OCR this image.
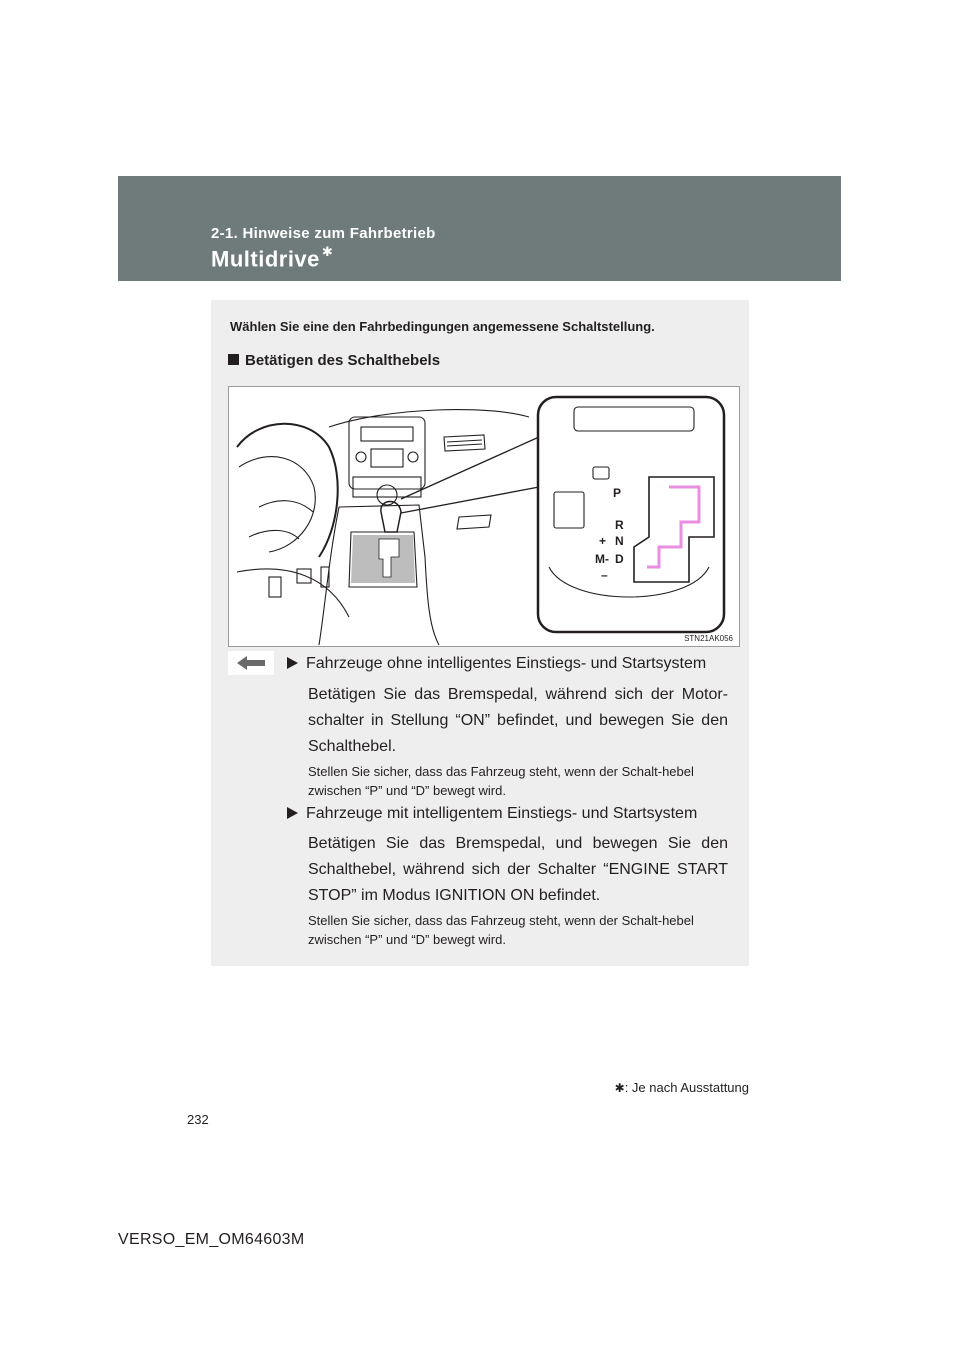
2-1. Hinweise zum Fahrbetrieb
Multidrive ✱
Wählen Sie eine den Fahrbedingungen angemessene Schaltstellung.
Betätigen des Schalthebels
P
R
N
D
+
M-
–
STN21AK056
Fahrzeuge ohne intelligentes Einstiegs- und Startsystem
Betätigen Sie das Bremspedal, während sich der Motor-schalter in Stellung “ON” befindet, und bewegen Sie den Schalthebel.
Stellen Sie sicher, dass das Fahrzeug steht, wenn der Schalt-hebel zwischen “P” und “D” bewegt wird.
Fahrzeuge mit intelligentem Einstiegs- und Startsystem
Betätigen Sie das Bremspedal, und bewegen Sie den Schalthebel, während sich der Schalter “ENGINE START STOP” im Modus IGNITION ON befindet.
Stellen Sie sicher, dass das Fahrzeug steht, wenn der Schalt-hebel zwischen “P” und “D” bewegt wird.
✱: Je nach Ausstattung
232
VERSO_EM_OM64603M
